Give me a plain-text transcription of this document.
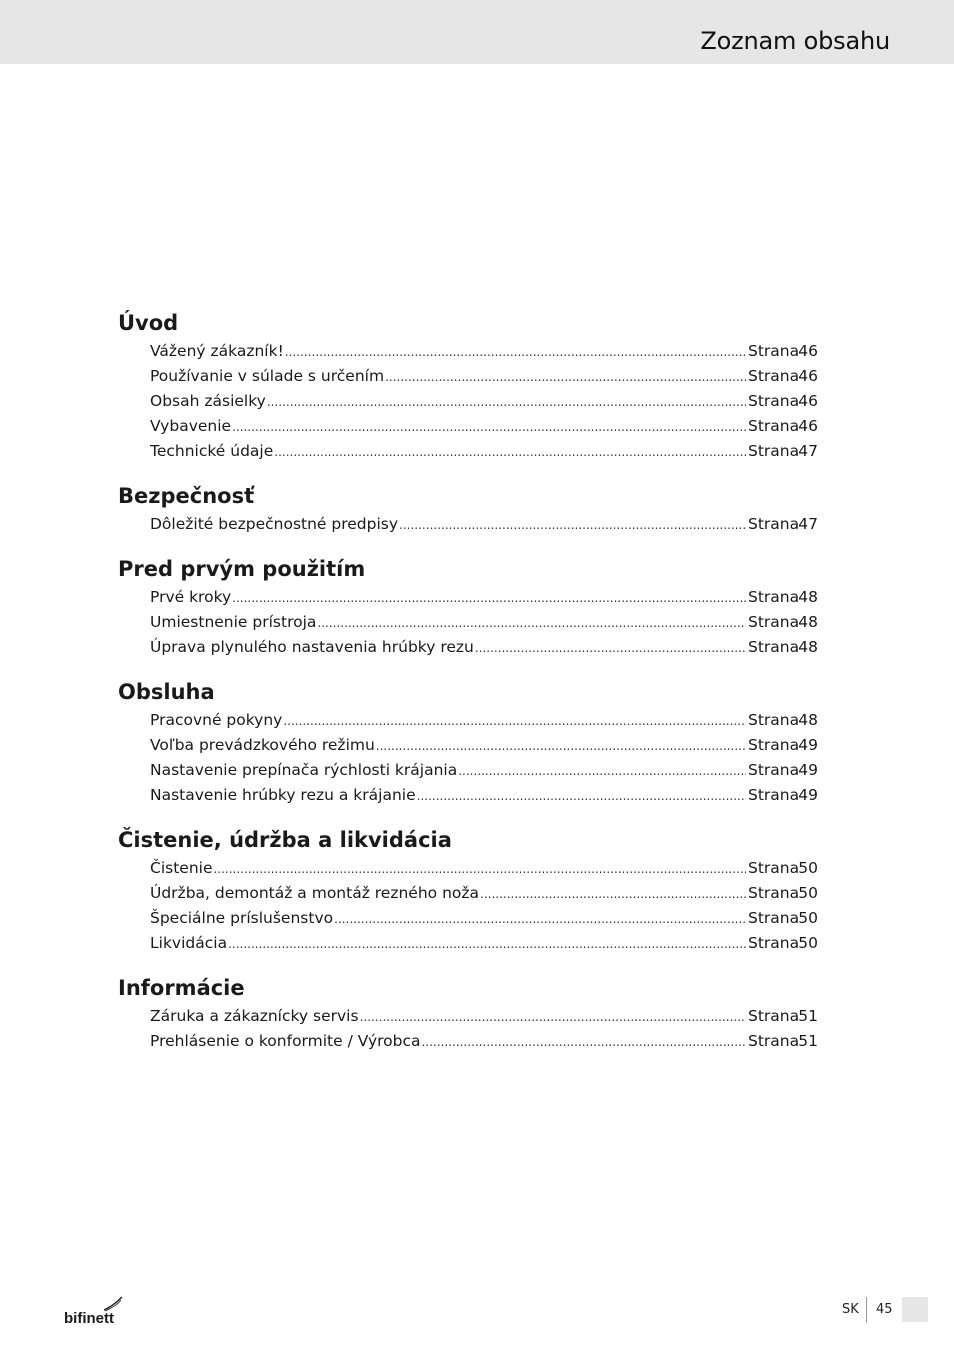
Zoznam obsahu
Úvod
Vážený zákazník! .....	Strana 46
Používanie v súlade s určením .....	Strana 46
Obsah zásielky .....	Strana 46
Vybavenie .....	Strana 46
Technické údaje .....	Strana 47
Bezpečnosť
Dôležité bezpečnostné predpisy .....	Strana 47
Pred prvým použitím
Prvé kroky .....	Strana 48
Umiestnenie prístroja .....	Strana 48
Úprava plynulého nastavenia hrúbky rezu .....	Strana 48
Obsluha
Pracovné pokyny .....	Strana 48
Voľba prevádzkového režimu .....	Strana 49
Nastavenie prepínača rýchlosti krájania .....	Strana 49
Nastavenie hrúbky rezu a krájanie .....	Strana 49
Čistenie, údržba a likvidácia
Čistenie .....	Strana 50
Údržba, demontáž a montáž rezného noža .....	Strana 50
Špeciálne príslušenstvo .....	Strana 50
Likvidácia .....	Strana 50
Informácie
Záruka a zákaznícky servis .....	Strana 51
Prehlásenie o konformite / Výrobca .....	Strana 51
bifinett
SK 45
